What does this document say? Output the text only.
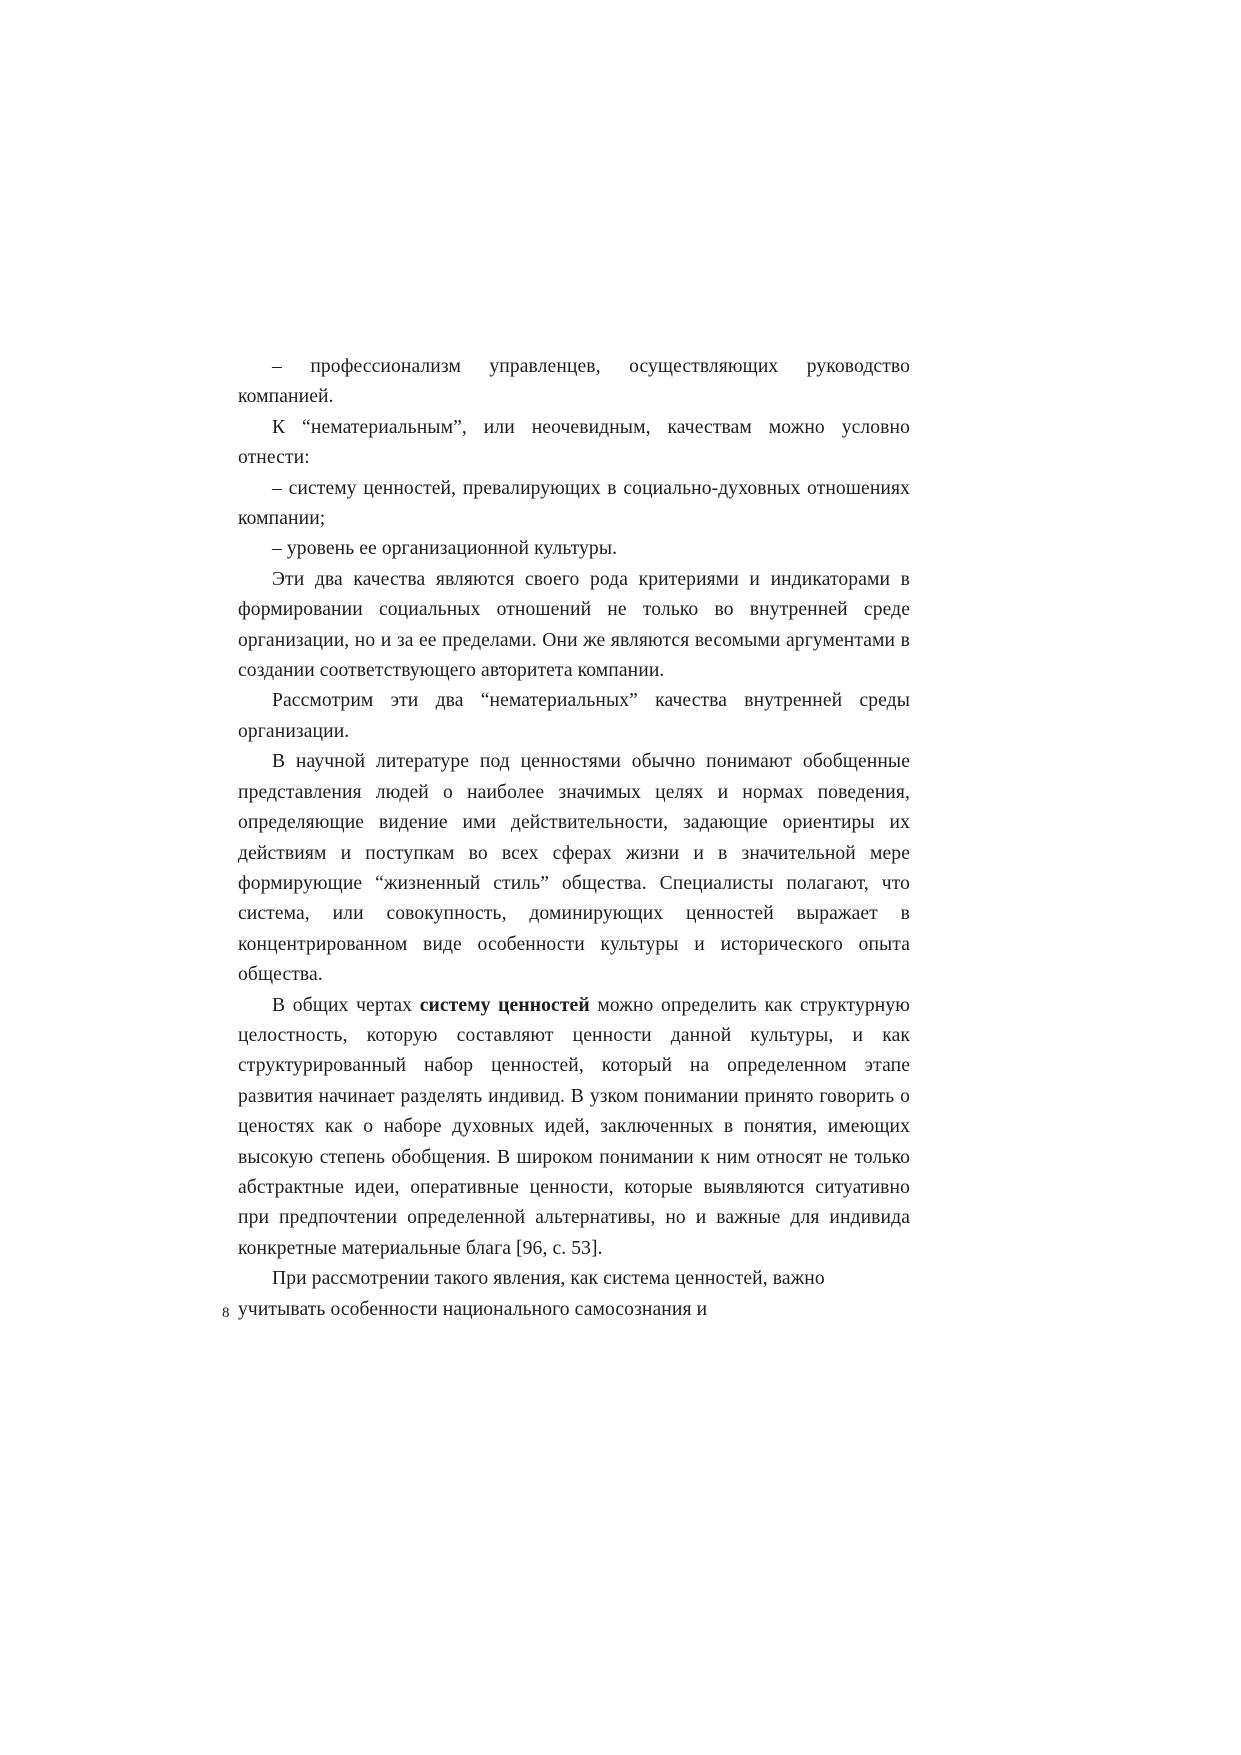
– профессионализм управленцев, осуществляющих руководство компанией.

К “нематериальным”, или неочевидным, качествам можно условно отнести:

– систему ценностей, превалирующих в социально-духовных отношениях компании;

– уровень ее организационной культуры.

Эти два качества являются своего рода критериями и индикаторами в формировании социальных отношений не только во внутренней среде организации, но и за ее пределами. Они же являются весомыми аргументами в создании соответствующего авторитета компании.

Рассмотрим эти два “нематериальных” качества внутренней среды организации.

В научной литературе под ценностями обычно понимают обобщенные представления людей о наиболее значимых целях и нормах поведения, определяющие видение ими действительности, задающие ориентиры их действиям и поступкам во всех сферах жизни и в значительной мере формирующие “жизненный стиль” общества. Специалисты полагают, что система, или совокупность, доминирующих ценностей выражает в концентрированном виде особенности культуры и исторического опыта общества.

В общих чертах систему ценностей можно определить как структурную целостность, которую составляют ценности данной культуры, и как структурированный набор ценностей, который на определенном этапе развития начинает разделять индивид. В узком понимании принято говорить о ценостях как о наборе духовных идей, заключенных в понятия, имеющих высокую степень обобщения. В широком понимании к ним относят не только абстрактные идеи, оперативные ценности, которые выявляются ситуативно при предпочтении определенной альтернативы, но и важные для индивида конкретные материальные блага [96, с. 53].

При рассмотрении такого явления, как система ценностей, важно учитывать особенности национального самосознания и

8
